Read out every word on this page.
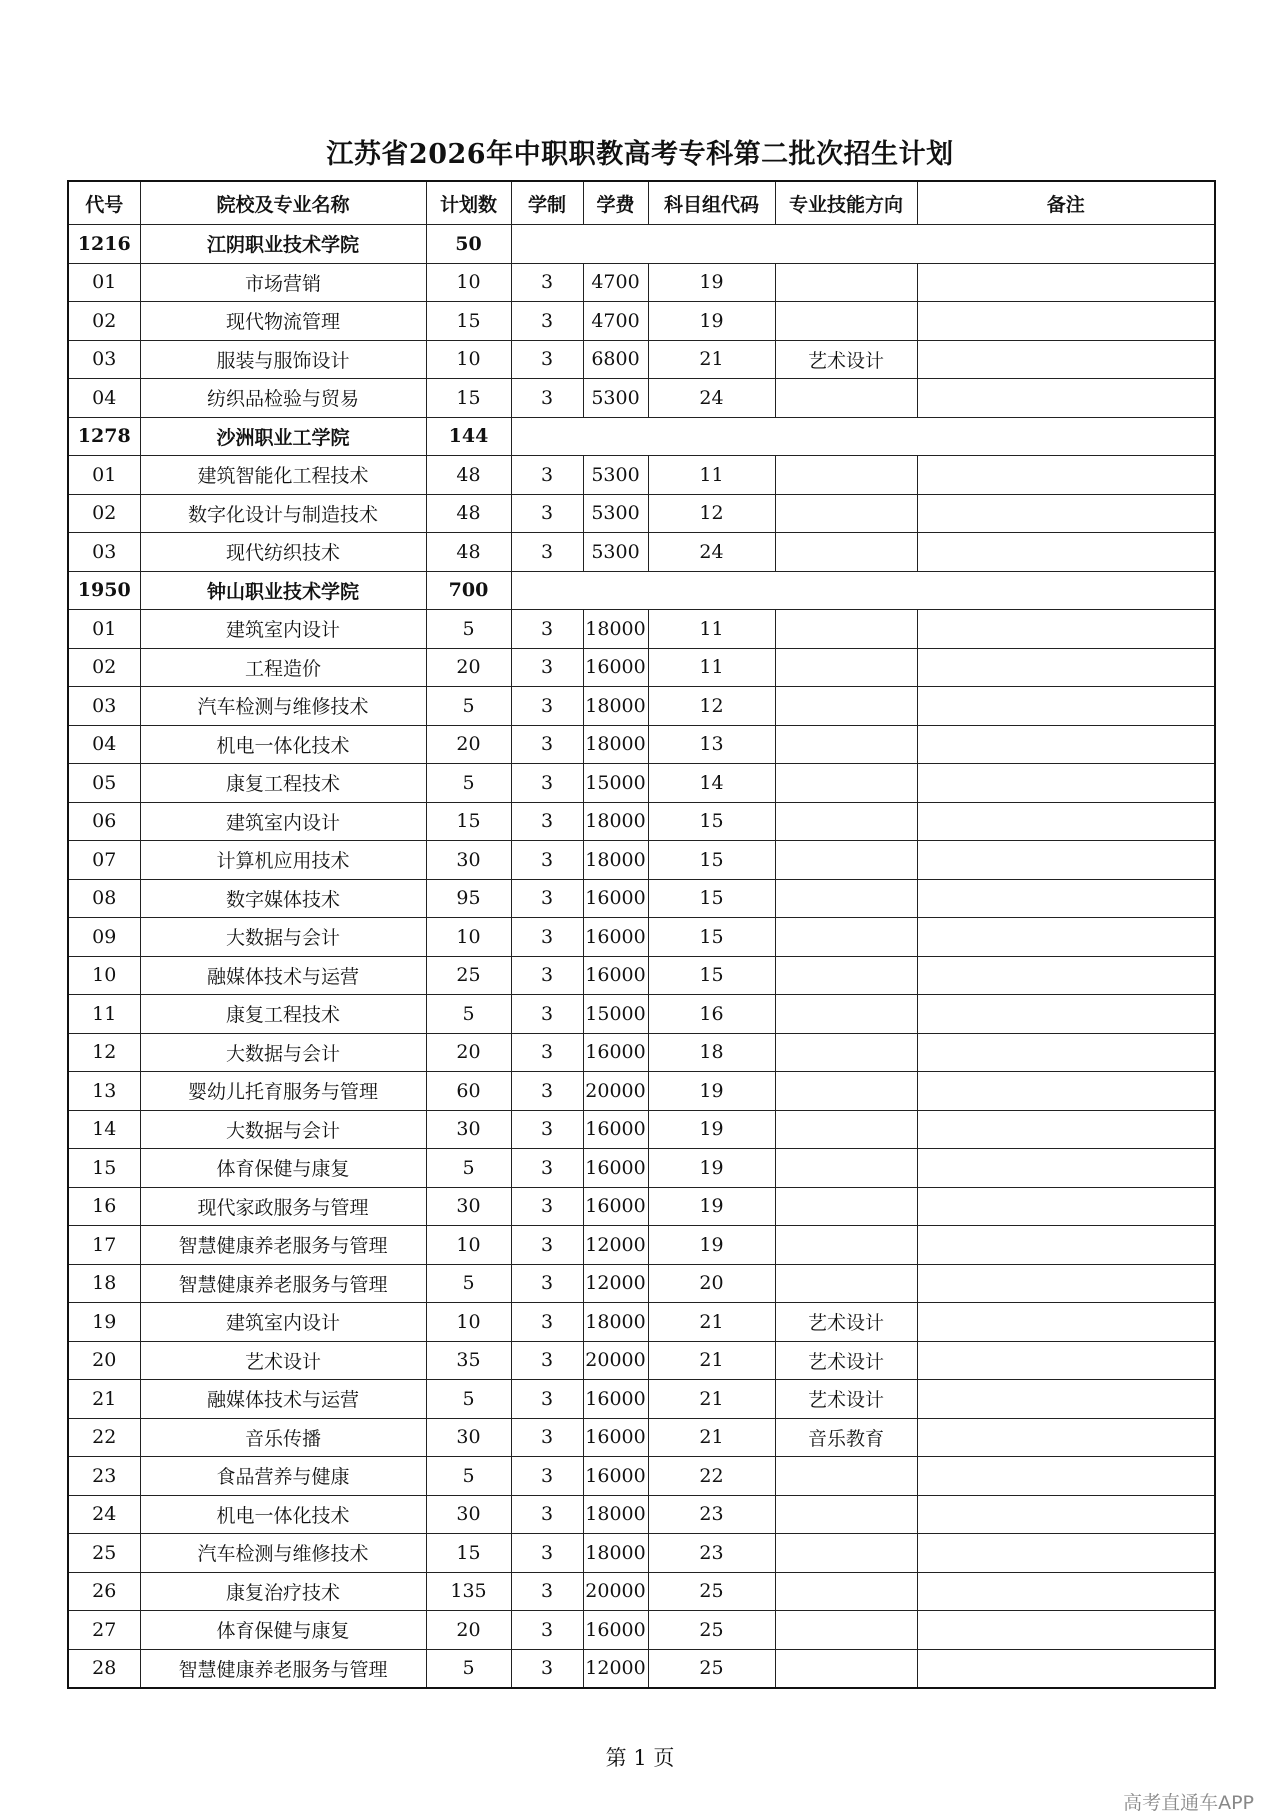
江苏省2026年中职职教高考专科第二批次招生计划
代号	院校及专业名称	计划数	学制	学费	科目组代码	专业技能方向	备注
1216	江阴职业技术学院	50					
01	市场营销	10	3	4700	19		
02	现代物流管理	15	3	4700	19		
03	服装与服饰设计	10	3	6800	21	艺术设计	
04	纺织品检验与贸易	15	3	5300	24		
1278	沙洲职业工学院	144					
01	建筑智能化工程技术	48	3	5300	11		
02	数字化设计与制造技术	48	3	5300	12		
03	现代纺织技术	48	3	5300	24		
1950	钟山职业技术学院	700					
01	建筑室内设计	5	3	18000	11		
02	工程造价	20	3	16000	11		
03	汽车检测与维修技术	5	3	18000	12		
04	机电一体化技术	20	3	18000	13		
05	康复工程技术	5	3	15000	14		
06	建筑室内设计	15	3	18000	15		
07	计算机应用技术	30	3	18000	15		
08	数字媒体技术	95	3	16000	15		
09	大数据与会计	10	3	16000	15		
10	融媒体技术与运营	25	3	16000	15		
11	康复工程技术	5	3	15000	16		
12	大数据与会计	20	3	16000	18		
13	婴幼儿托育服务与管理	60	3	20000	19		
14	大数据与会计	30	3	16000	19		
15	体育保健与康复	5	3	16000	19		
16	现代家政服务与管理	30	3	16000	19		
17	智慧健康养老服务与管理	10	3	12000	19		
18	智慧健康养老服务与管理	5	3	12000	20		
19	建筑室内设计	10	3	18000	21	艺术设计	
20	艺术设计	35	3	20000	21	艺术设计	
21	融媒体技术与运营	5	3	16000	21	艺术设计	
22	音乐传播	30	3	16000	21	音乐教育	
23	食品营养与健康	5	3	16000	22		
24	机电一体化技术	30	3	18000	23		
25	汽车检测与维修技术	15	3	18000	23		
26	康复治疗技术	135	3	20000	25		
27	体育保健与康复	20	3	16000	25		
28	智慧健康养老服务与管理	5	3	12000	25		
第 1 页
高考直通车APP
